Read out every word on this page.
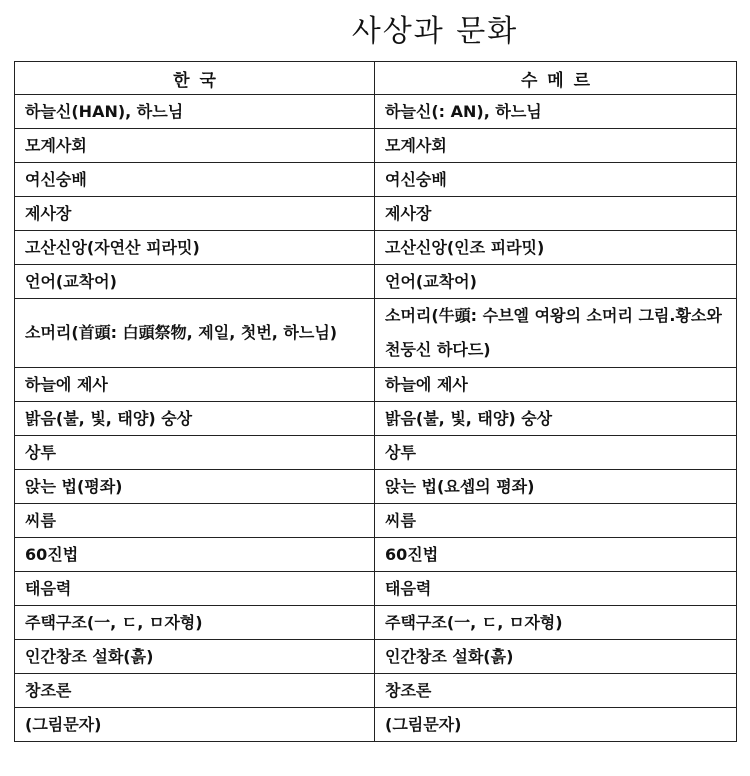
사상과 문화
한 국	수 메 르
하늘신(HAN), 하느님	하늘신(: AN), 하느님
모계사회	모계사회
여신숭배	여신숭배
제사장	제사장
고산신앙(자연산 피라밋)	고산신앙(인조 피라밋)
언어(교착어)	언어(교착어)
소머리(首頭: 白頭祭物, 제일, 첫번, 하느님)	소머리(牛頭: 수브엘 여왕의 소머리 그림.황소와 천둥신 하다드)
하늘에 제사	하늘에 제사
밝음(불, 빛, 태양) 숭상	밝음(불, 빛, 태양) 숭상
상투	상투
앉는 법(평좌)	앉는 법(요셉의 평좌)
씨름	씨름
60진법	60진법
태음력	태음력
주택구조(一, ㄷ, ㅁ자형)	주택구조(一, ㄷ, ㅁ자형)
인간창조 설화(흙)	인간창조 설화(흙)
창조론	창조론
(그림문자)	(그림문자)
